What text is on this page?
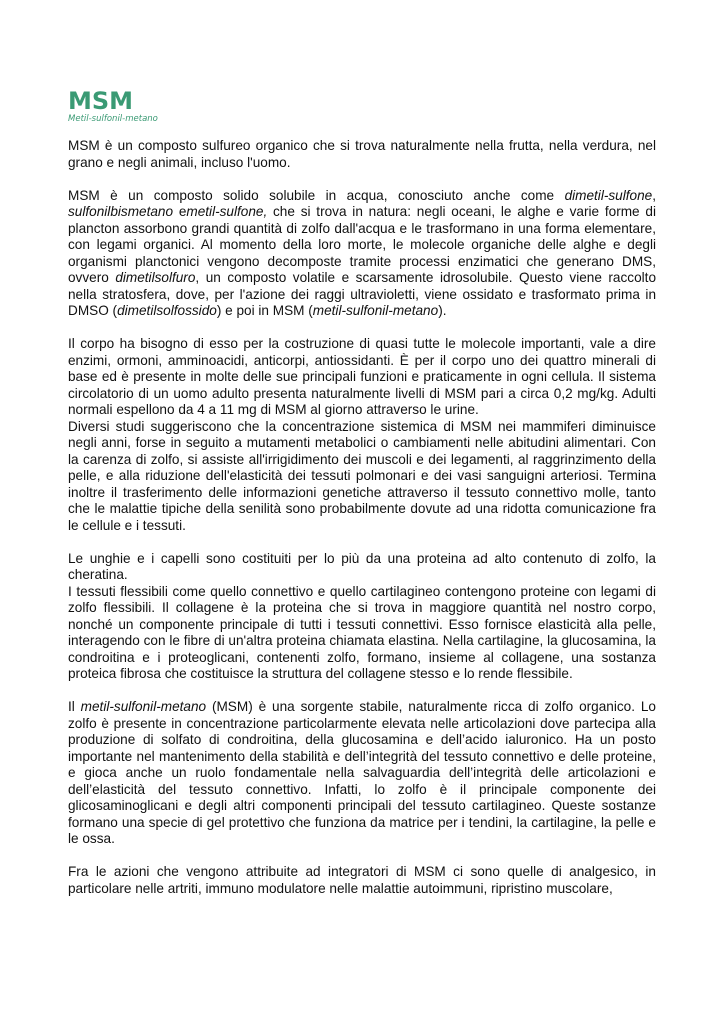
MSM
Metil-sulfonil-metano

MSM è un composto sulfureo organico che si trova naturalmente nella frutta, nella verdura, nel grano e negli animali, incluso l'uomo.

MSM è un composto solido solubile in acqua, conosciuto anche come dimetil-sulfone, sulfonilbismetano emetil-sulfone, che si trova in natura: negli oceani, le alghe e varie forme di plancton assorbono grandi quantità di zolfo dall'acqua e le trasformano in una forma elementare, con legami organici. Al momento della loro morte, le molecole organiche delle alghe e degli organismi planctonici vengono decomposte tramite processi enzimatici che generano DMS, ovvero dimetilsolfuro, un composto volatile e scarsamente idrosolubile. Questo viene raccolto nella stratosfera, dove, per l'azione dei raggi ultravioletti, viene ossidato e trasformato prima in DMSO (dimetilsolfossido) e poi in MSM (metil-sulfonil-metano).

Il corpo ha bisogno di esso per la costruzione di quasi tutte le molecole importanti, vale a dire enzimi, ormoni, amminoacidi, anticorpi, antiossidanti. È per il corpo uno dei quattro minerali di base ed è presente in molte delle sue principali funzioni e praticamente in ogni cellula. Il sistema circolatorio di un uomo adulto presenta naturalmente livelli di MSM pari a circa 0,2 mg/kg. Adulti normali espellono da 4 a 11 mg di MSM al giorno attraverso le urine.

Diversi studi suggeriscono che la concentrazione sistemica di MSM nei mammiferi diminuisce negli anni, forse in seguito a mutamenti metabolici o cambiamenti nelle abitudini alimentari. Con la carenza di zolfo, si assiste all'irrigidimento dei muscoli e dei legamenti, al raggrinzimento della pelle, e alla riduzione dell'elasticità dei tessuti polmonari e dei vasi sanguigni arteriosi. Termina inoltre il trasferimento delle informazioni genetiche attraverso il tessuto connettivo molle, tanto che le malattie tipiche della senilità sono probabilmente dovute ad una ridotta comunicazione fra le cellule e i tessuti.

Le unghie e i capelli sono costituiti per lo più da una proteina ad alto contenuto di zolfo, la cheratina.

I tessuti flessibili come quello connettivo e quello cartilagineo contengono proteine con legami di zolfo flessibili. Il collagene è la proteina che si trova in maggiore quantità nel nostro corpo, nonché un componente principale di tutti i tessuti connettivi. Esso fornisce elasticità alla pelle, interagendo con le fibre di un'altra proteina chiamata elastina. Nella cartilagine, la glucosamina, la condroitina e i proteoglicani, contenenti zolfo, formano, insieme al collagene, una sostanza proteica fibrosa che costituisce la struttura del collagene stesso e lo rende flessibile.

Il metil-sulfonil-metano (MSM) è una sorgente stabile, naturalmente ricca di zolfo organico. Lo zolfo è presente in concentrazione particolarmente elevata nelle articolazioni dove partecipa alla produzione di solfato di condroitina, della glucosamina e dell’acido ialuronico. Ha un posto importante nel mantenimento della stabilità e dell’integrità del tessuto connettivo e delle proteine, e gioca anche un ruolo fondamentale nella salvaguardia dell’integrità delle articolazioni e dell’elasticità del tessuto connettivo. Infatti, lo zolfo è il principale componente dei glicosaminoglicani e degli altri componenti principali del tessuto cartilagineo. Queste sostanze formano una specie di gel protettivo che funziona da matrice per i tendini, la cartilagine, la pelle e le ossa.

Fra le azioni che vengono attribuite ad integratori di MSM ci sono quelle di analgesico, in particolare nelle artriti, immuno modulatore nelle malattie autoimmuni, ripristino muscolare,
